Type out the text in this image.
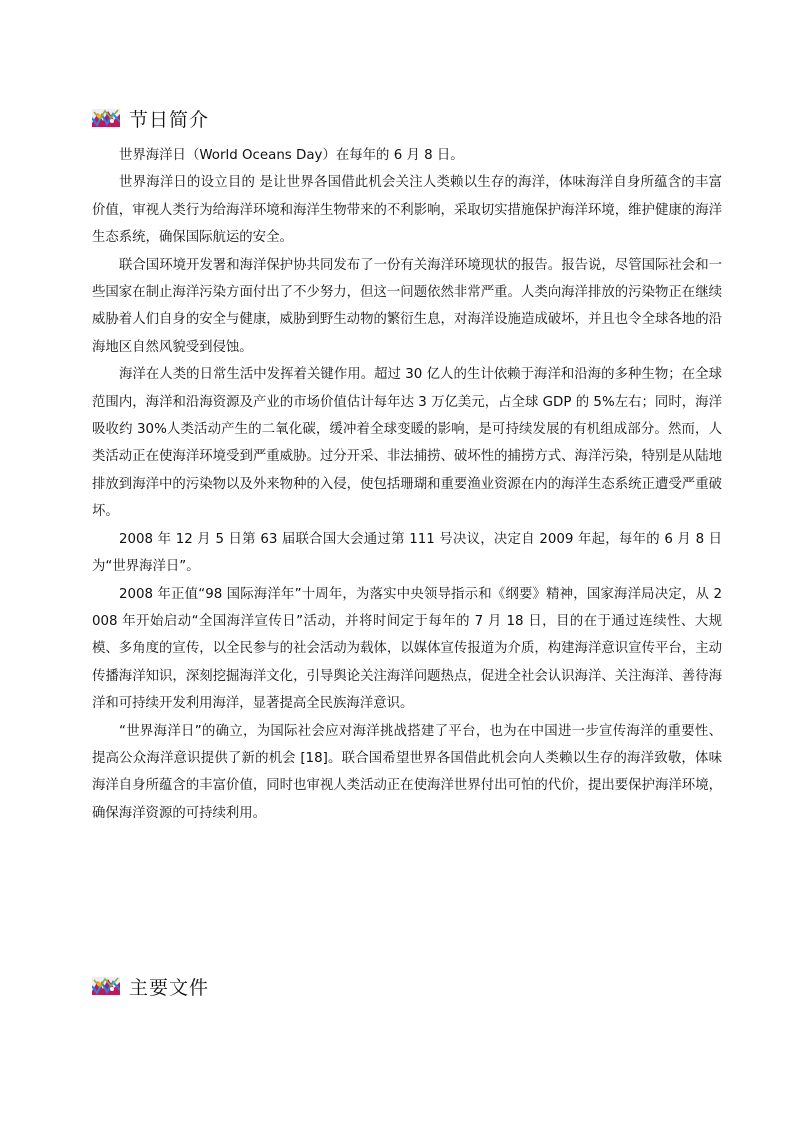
节日简介

世界海洋日（World Oceans Day）在每年的 6 月 8 日。

世界海洋日的设立目的 是让世界各国借此机会关注人类赖以生存的海洋，体味海洋自身所蕴含的丰富价值，审视人类行为给海洋环境和海洋生物带来的不利影响，采取切实措施保护海洋环境，维护健康的海洋生态系统，确保国际航运的安全。

联合国环境开发署和海洋保护协共同发布了一份有关海洋环境现状的报告。报告说，尽管国际社会和一些国家在制止海洋污染方面付出了不少努力，但这一问题依然非常严重。人类向海洋排放的污染物正在继续威胁着人们自身的安全与健康，威胁到野生动物的繁衍生息，对海洋设施造成破坏，并且也令全球各地的沿海地区自然风貌受到侵蚀。

海洋在人类的日常生活中发挥着关键作用。超过 30 亿人的生计依赖于海洋和沿海的多种生物；在全球范围内，海洋和沿海资源及产业的市场价值估计每年达 3 万亿美元，占全球 GDP 的 5%左右；同时，海洋吸收约 30%人类活动产生的二氧化碳，缓冲着全球变暖的影响，是可持续发展的有机组成部分。然而，人类活动正在使海洋环境受到严重威胁。过分开采、非法捕捞、破坏性的捕捞方式、海洋污染，特别是从陆地排放到海洋中的污染物以及外来物种的入侵，使包括珊瑚和重要渔业资源在内的海洋生态系统正遭受严重破坏。

2008 年 12 月 5 日第 63 届联合国大会通过第 111 号决议，决定自 2009 年起，每年的 6 月 8 日为“世界海洋日”。

2008 年正值“98 国际海洋年”十周年，为落实中央领导指示和《纲要》精神，国家海洋局决定，从 2008 年开始启动“全国海洋宣传日”活动，并将时间定于每年的 7 月 18 日，目的在于通过连续性、大规模、多角度的宣传，以全民参与的社会活动为载体，以媒体宣传报道为介质，构建海洋意识宣传平台，主动传播海洋知识，深刻挖掘海洋文化，引导舆论关注海洋问题热点，促进全社会认识海洋、关注海洋、善待海洋和可持续开发利用海洋，显著提高全民族海洋意识。

“世界海洋日”的确立，为国际社会应对海洋挑战搭建了平台，也为在中国进一步宣传海洋的重要性、提高公众海洋意识提供了新的机会 [18]。联合国希望世界各国借此机会向人类赖以生存的海洋致敬，体味海洋自身所蕴含的丰富价值，同时也审视人类活动正在使海洋世界付出可怕的代价，提出要保护海洋环境，确保海洋资源的可持续利用。

主要文件
